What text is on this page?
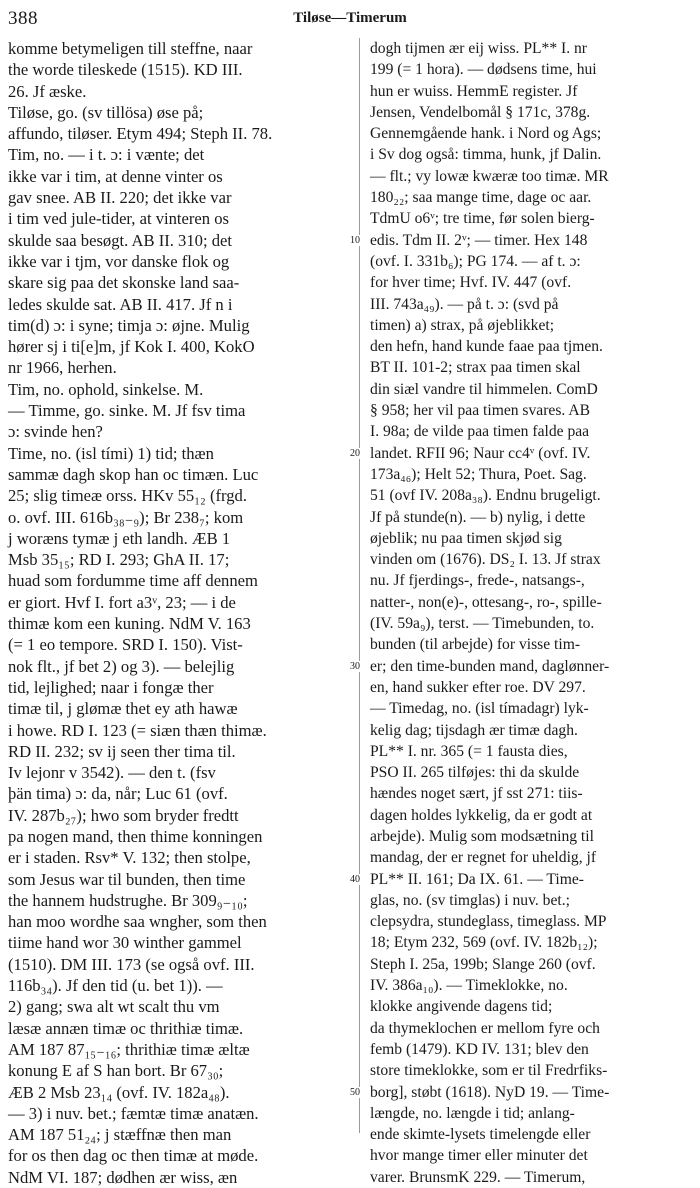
388	Tiløse—Timerum
komme betymeligen till steffne, naar
the worde tileskede (1515). KD III.
26. Jf æske.
Tiløse, go. (sv tillösa) øse på;
affundo, tiløser. Etym 494; Steph II. 78.
Tim, no. — i t. ɔ: i vænte; det
ikke var i tim, at denne vinter os
gav snee. AB II. 220; det ikke var
i tim ved jule-tider, at vinteren os
skulde saa besøgt. AB II. 310; det
ikke var i tjm, vor danske flok og
skare sig paa det skonske land saa-
ledes skulde sat. AB II. 417. Jf n i
tim(d) ɔ: i syne; timja ɔ: øjne. Mulig
hører sj i ti[e]m, jf Kok I. 400, KokO
nr 1966, herhen.
Tim, no. ophold, sinkelse. M.
— Timme, go. sinke. M. Jf fsv tima
ɔ: svinde hen?
Time, no. (isl tími) 1) tid; thæn
sammæ dagh skop han oc timæn. Luc
25; slig timeæ orss. HKv 55₁₂ (frgd.
o. ovf. III. 616b₃₈₋₉); Br 238₇; kom
j woræns tymæ j eth landh. ÆB 1
Msb 35₁₅; RD I. 293; GhA II. 17;
huad som fordumme time aff dennem
er giort. Hvf I. fort a3ᵛ, 23; — i de
thimæ kom een kuning. NdM V. 163
(= 1 eo tempore. SRD I. 150). Vist-
nok flt., jf bet 2) og 3). — belejlig
tid, lejlighed; naar i fongæ ther
timæ til, j glømæ thet ey ath hawæ
i howe. RD I. 123 (= siæn thæn thimæ.
RD II. 232; sv ij seen ther tima til.
Iv lejonr v 3542). — den t. (fsv
þän tima) ɔ: da, når; Luc 61 (ovf.
IV. 287b₂₇); hwo som bryder fredtt
pa nogen mand, then thime konningen
er i staden. Rsv* V. 132; then stolpe,
som Jesus war til bunden, then time
the hannem hudstrughe. Br 309₉₋₁₀;
han moo wordhe saa wngher, som then
tiime hand wor 30 winther gammel
(1510). DM III. 173 (se også ovf. III.
116b₃₄). Jf den tid (u. bet 1)). —
2) gang; swa alt wt scalt thu vm
læsæ annæn timæ oc thrithiæ timæ.
AM 187 87₁₅₋₁₆; thrithiæ timæ æltæ
konung E af S han bort. Br 67₃₀;
ÆB 2 Msb 23₁₄ (ovf. IV. 182a₄₈).
— 3) i nuv. bet.; fæmtæ timæ anatæn.
AM 187 51₂₄; j stæffnæ then man
for os then dag oc then timæ at møde.
NdM VI. 187; dødhen ær wiss, æn
10
20
30
40
50
dogh tijmen ær eij wiss. PL** I. nr
199 (= 1 hora). — dødsens time, hui
hun er wuiss. HemmE register. Jf
Jensen, Vendelbomål § 171c, 378g.
Gennemgående hank. i Nord og Ags;
i Sv dog også: timma, hunk, jf Dalin.
— flt.; vy lowæ kwæræ too timæ. MR
180₂₂; saa mange time, dage oc aar.
TdmU o6ᵛ; tre time, før solen bierg-
edis. Tdm II. 2ᵛ; — timer. Hex 148
(ovf. I. 331b₆); PG 174. — af t. ɔ:
for hver time; Hvf. IV. 447 (ovf.
III. 743a₄₉). — på t. ɔ: (svd på
timen) a) strax, på øjeblikket;
den hefn, hand kunde faae paa tjmen.
BT II. 101-2; strax paa timen skal
din siæl vandre til himmelen. ComD
§ 958; her vil paa timen svares. AB
I. 98a; de vilde paa timen falde paa
landet. RFII 96; Naur cc4ᵛ (ovf. IV.
173a₄₆); Helt 52; Thura, Poet. Sag.
51 (ovf IV. 208a₃₈). Endnu brugeligt.
Jf på stunde(n). — b) nylig, i dette
øjeblik; nu paa timen skjød sig
vinden om (1676). DS₂ I. 13. Jf strax
nu. Jf fjerdings-, frede-, natsangs-,
natter-, non(e)-, ottesang-, ro-, spille-
(IV. 59a₉), terst. — Timebunden, to.
bunden (til arbejde) for visse tim-
er; den time-bunden mand, daglønner-
en, hand sukker efter roe. DV 297.
— Timedag, no. (isl tímadagr) lyk-
kelig dag; tijsdagh ær timæ dagh.
PL** I. nr. 365 (= 1 fausta dies,
PSO II. 265 tilføjes: thi da skulde
hændes noget sært, jf sst 271: tiis-
dagen holdes lykkelig, da er godt at
arbejde). Mulig som modsætning til
mandag, der er regnet for uheldig, jf
PL** II. 161; Da IX. 61. — Time-
glas, no. (sv timglas) i nuv. bet.;
clepsydra, stundeglass, timeglass. MP
18; Etym 232, 569 (ovf. IV. 182b₁₂);
Steph I. 25a, 199b; Slange 260 (ovf.
IV. 386a₁₀). — Timeklokke, no.
klokke angivende dagens tid;
da thymeklochen er mellom fyre och
femb (1479). KD IV. 131; blev den
store timeklokke, som er til Fredrfiks-
borg], støbt (1618). NyD 19. — Time-
længde, no. længde i tid; anlang-
ende skimte-lysets timelengde eller
hvor mange timer eller minuter det
varer. BrunsmK 229. — Timerum,
